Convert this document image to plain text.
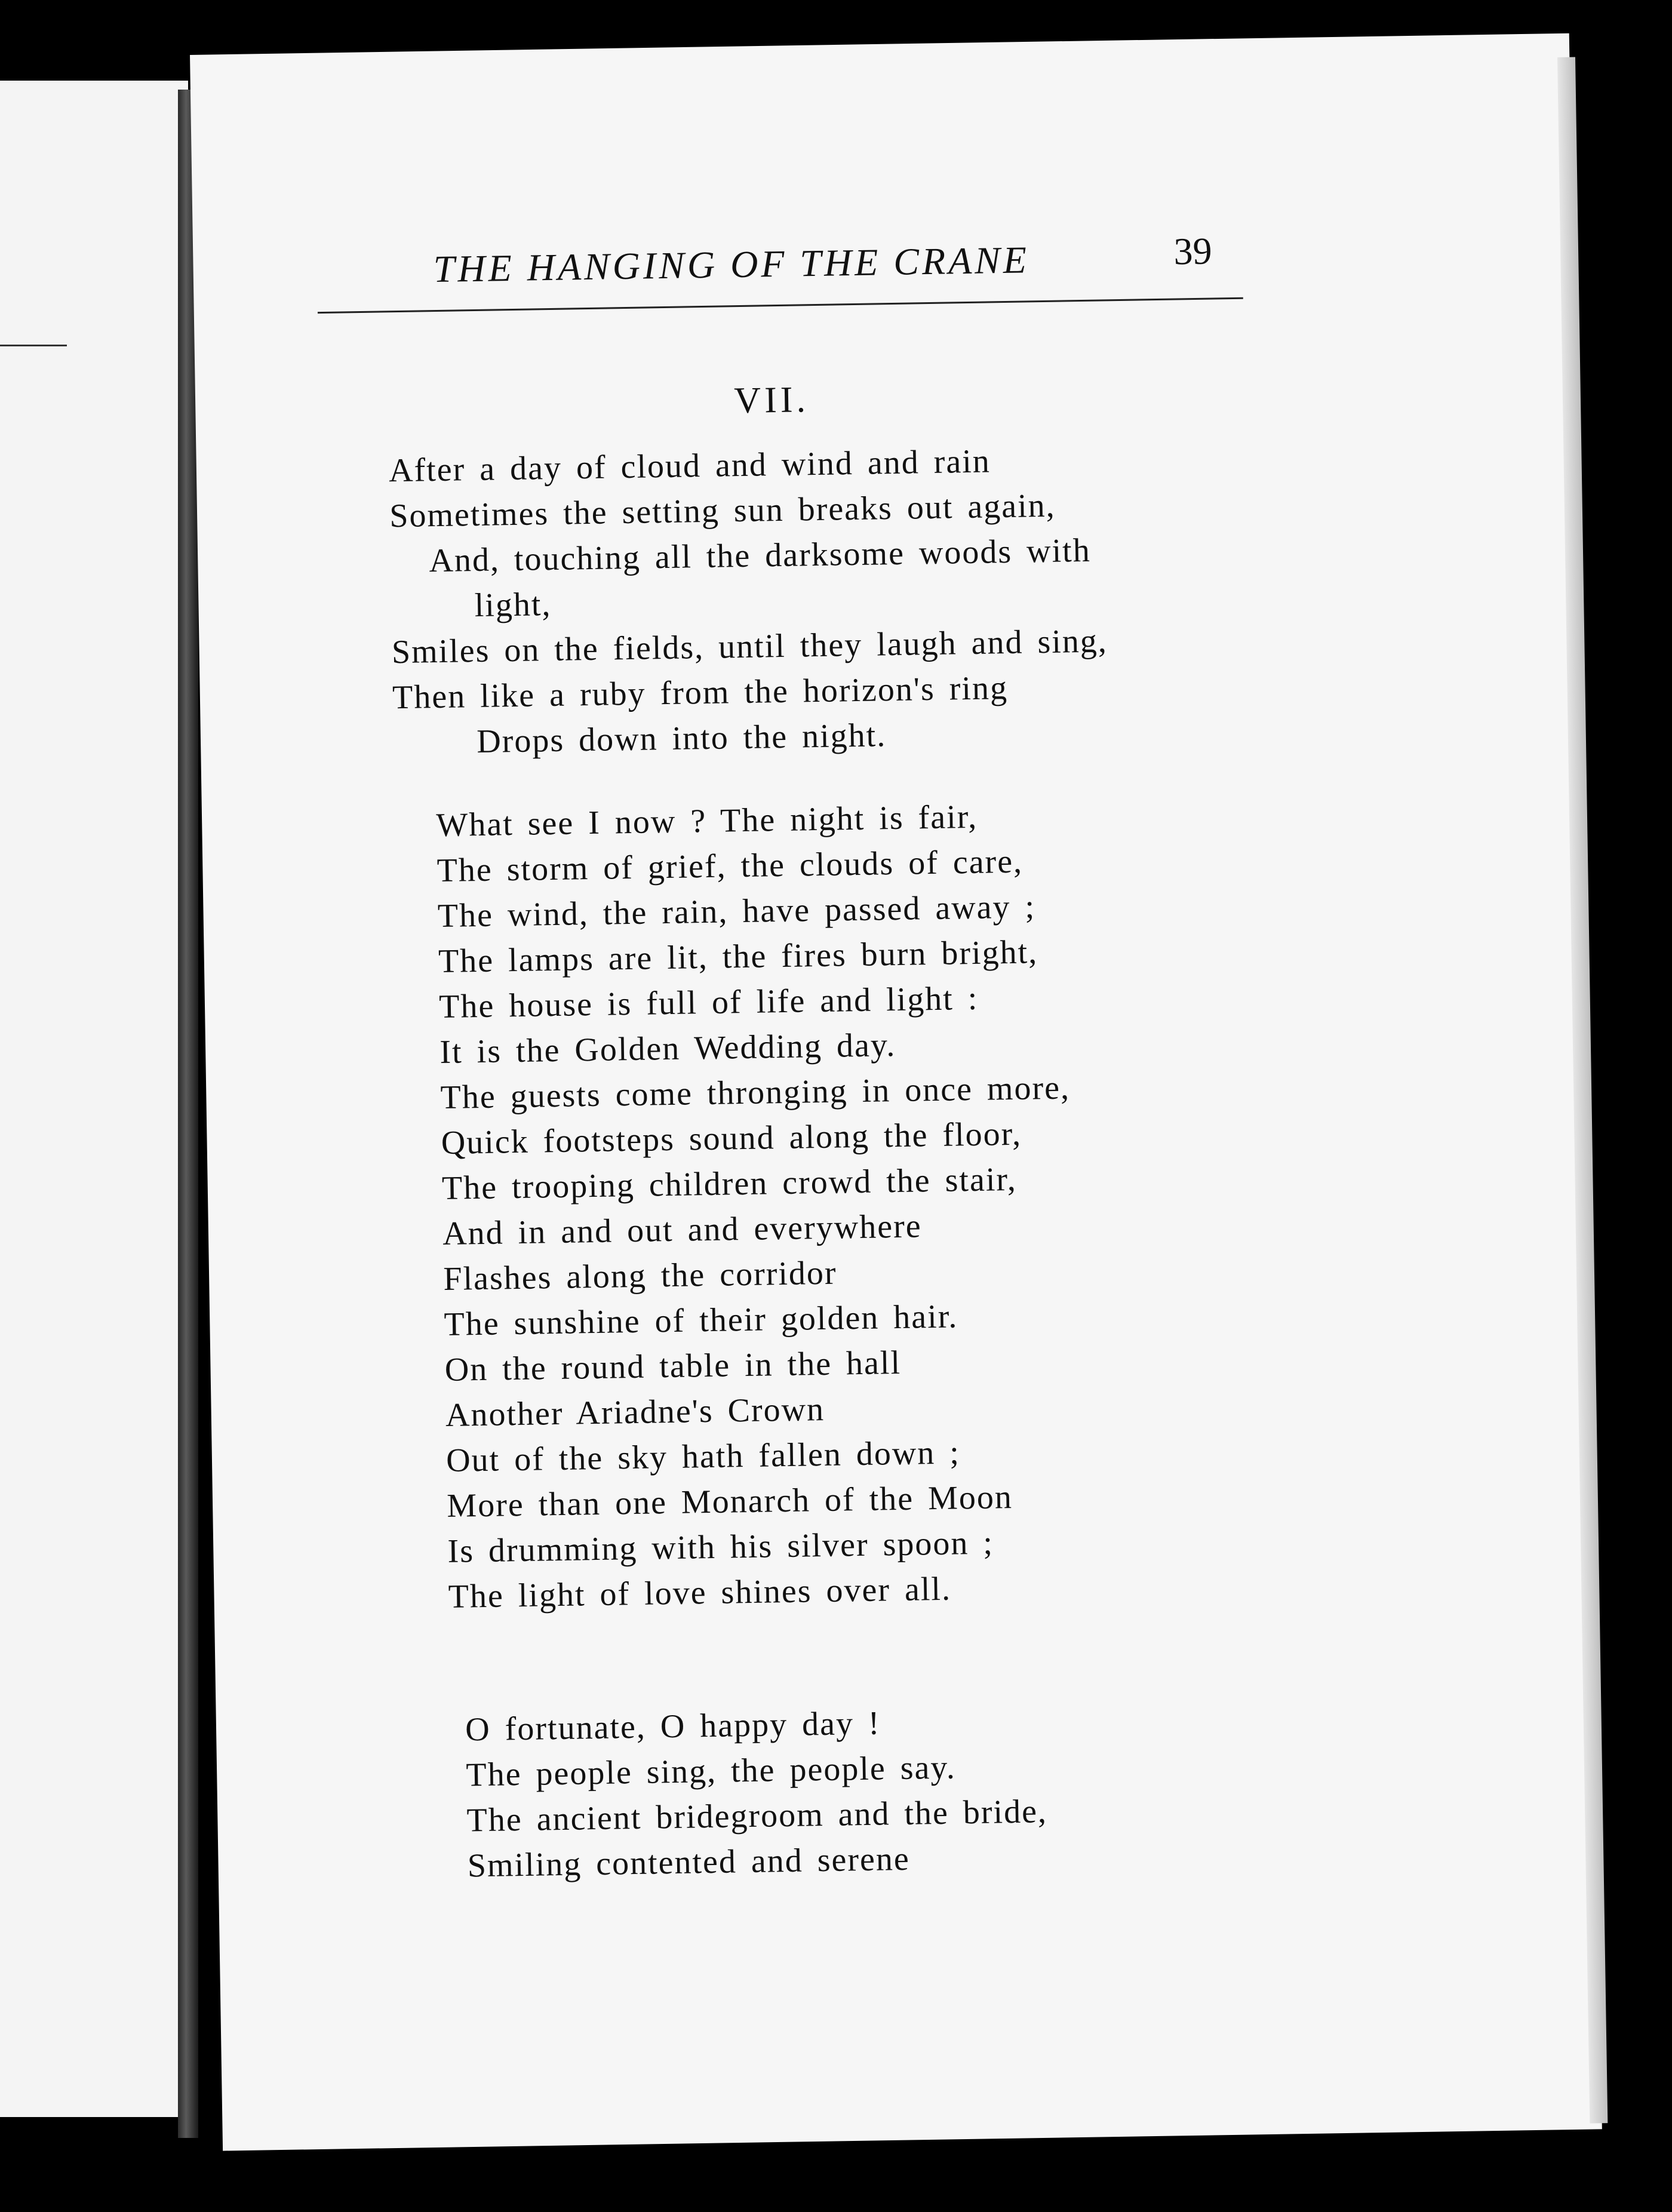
THE HANGING OF THE CRANE	39
VII.
After a day of cloud and wind and rain
Sometimes the setting sun breaks out again,
And, touching all the darksome woods with
light,
Smiles on the fields, until they laugh and sing,
Then like a ruby from the horizon's ring
Drops down into the night.
What see I now ? The night is fair,
The storm of grief, the clouds of care,
The wind, the rain, have passed away ;
The lamps are lit, the fires burn bright,
The house is full of life and light :
It is the Golden Wedding day.
The guests come thronging in once more,
Quick footsteps sound along the floor,
The trooping children crowd the stair,
And in and out and everywhere
Flashes along the corridor
The sunshine of their golden hair.
On the round table in the hall
Another Ariadne's Crown
Out of the sky hath fallen down ;
More than one Monarch of the Moon
Is drumming with his silver spoon ;
The light of love shines over all.
O fortunate, O happy day !
The people sing, the people say.
The ancient bridegroom and the bride,
Smiling contented and serene
